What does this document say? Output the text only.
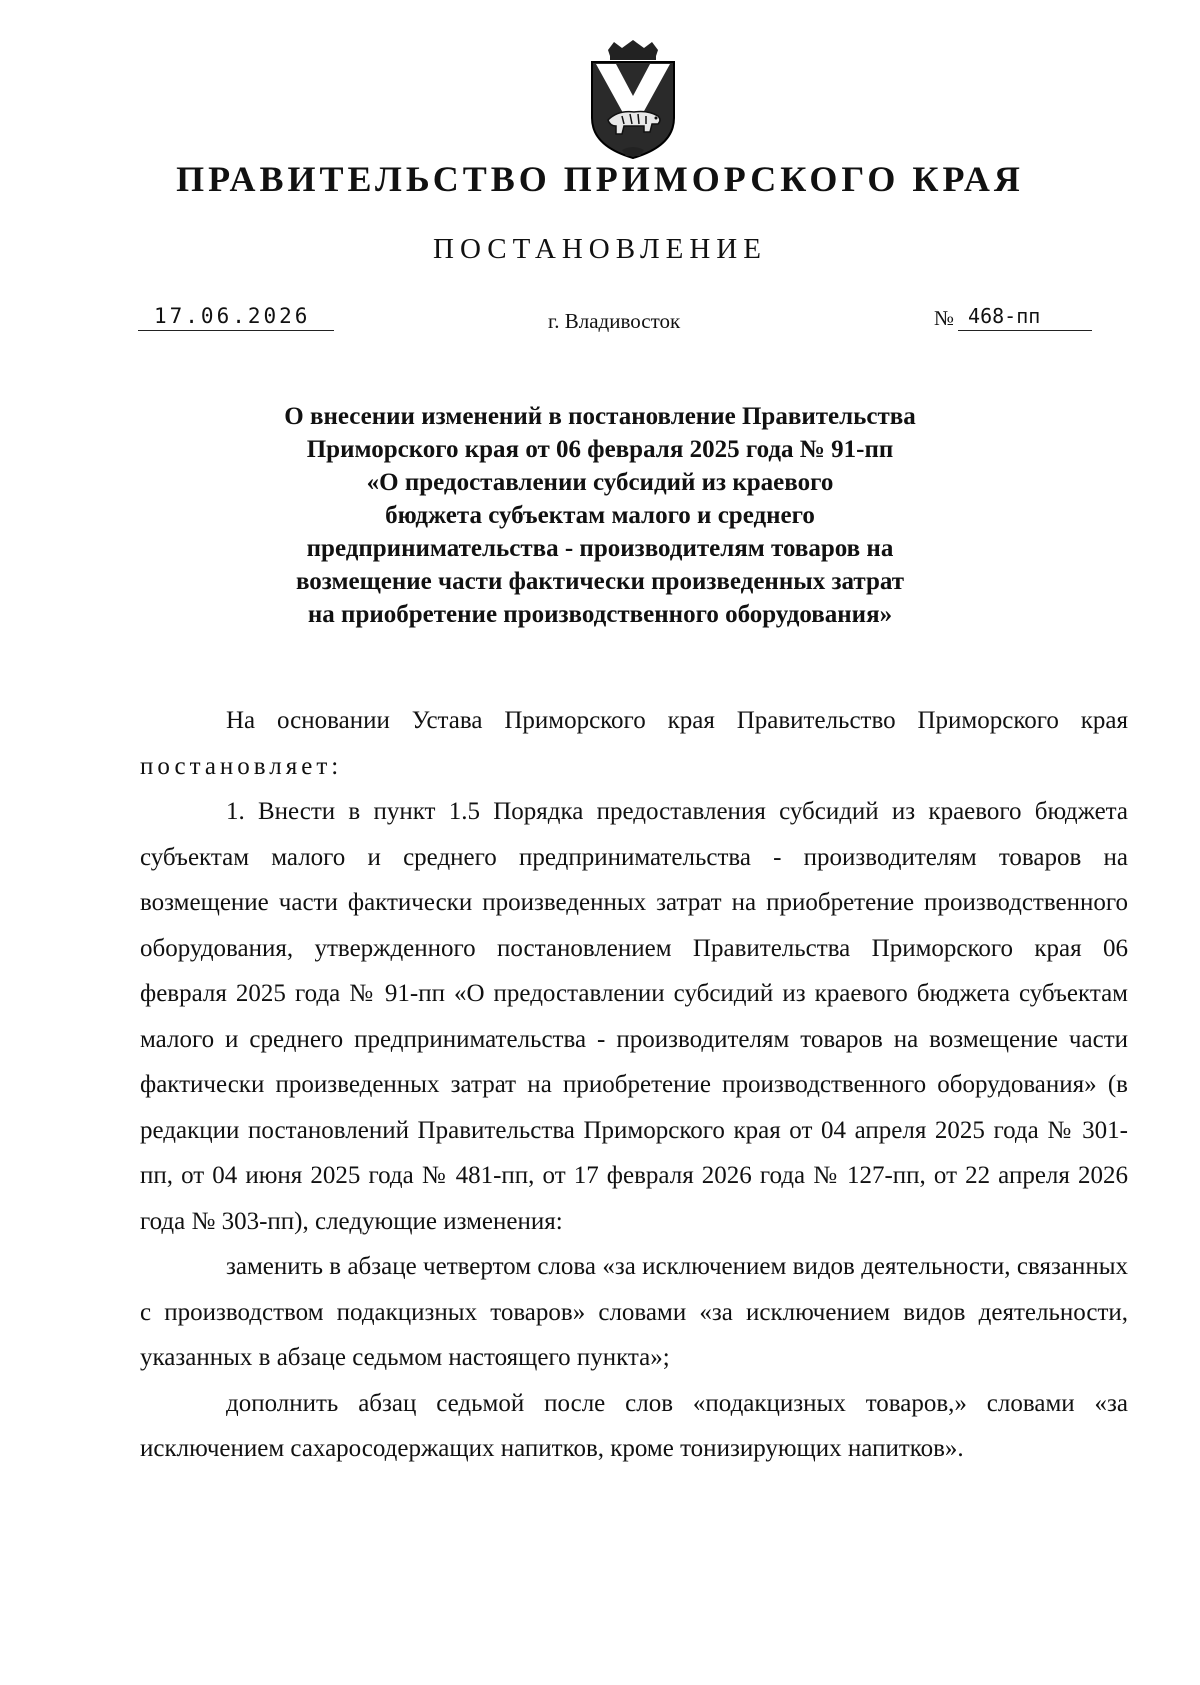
ПРАВИТЕЛЬСТВО ПРИМОРСКОГО КРАЯ
ПОСТАНОВЛЕНИЕ
17.06.2026	г. Владивосток	№ 468-пп
О внесении изменений в постановление Правительства
Приморского края от 06 февраля 2025 года № 91-пп
«О предоставлении субсидий из краевого
бюджета субъектам малого и среднего
предпринимательства - производителям товаров на
возмещение части фактически произведенных затрат
на приобретение производственного оборудования»

На основании Устава Приморского края Правительство Приморского края постановляет:

1. Внести в пункт 1.5 Порядка предоставления субсидий из краевого бюджета субъектам малого и среднего предпринимательства - производителям товаров на возмещение части фактически произведенных затрат на приобретение производственного оборудования, утвержденного постановлением Правительства Приморского края 06 февраля 2025 года № 91-пп «О предоставлении субсидий из краевого бюджета субъектам малого и среднего предпринимательства - производителям товаров на возмещение части фактически произведенных затрат на приобретение производственного оборудования» (в редакции постановлений Правительства Приморского края от 04 апреля 2025 года № 301-пп, от 04 июня 2025 года № 481-пп, от 17 февраля 2026 года № 127-пп, от 22 апреля 2026 года № 303-пп), следующие изменения:

заменить в абзаце четвертом слова «за исключением видов деятельности, связанных с производством подакцизных товаров» словами «за исключением видов деятельности, указанных в абзаце седьмом настоящего пункта»;

дополнить абзац седьмой после слов «подакцизных товаров,» словами «за исключением сахаросодержащих напитков, кроме тонизирующих напитков».
